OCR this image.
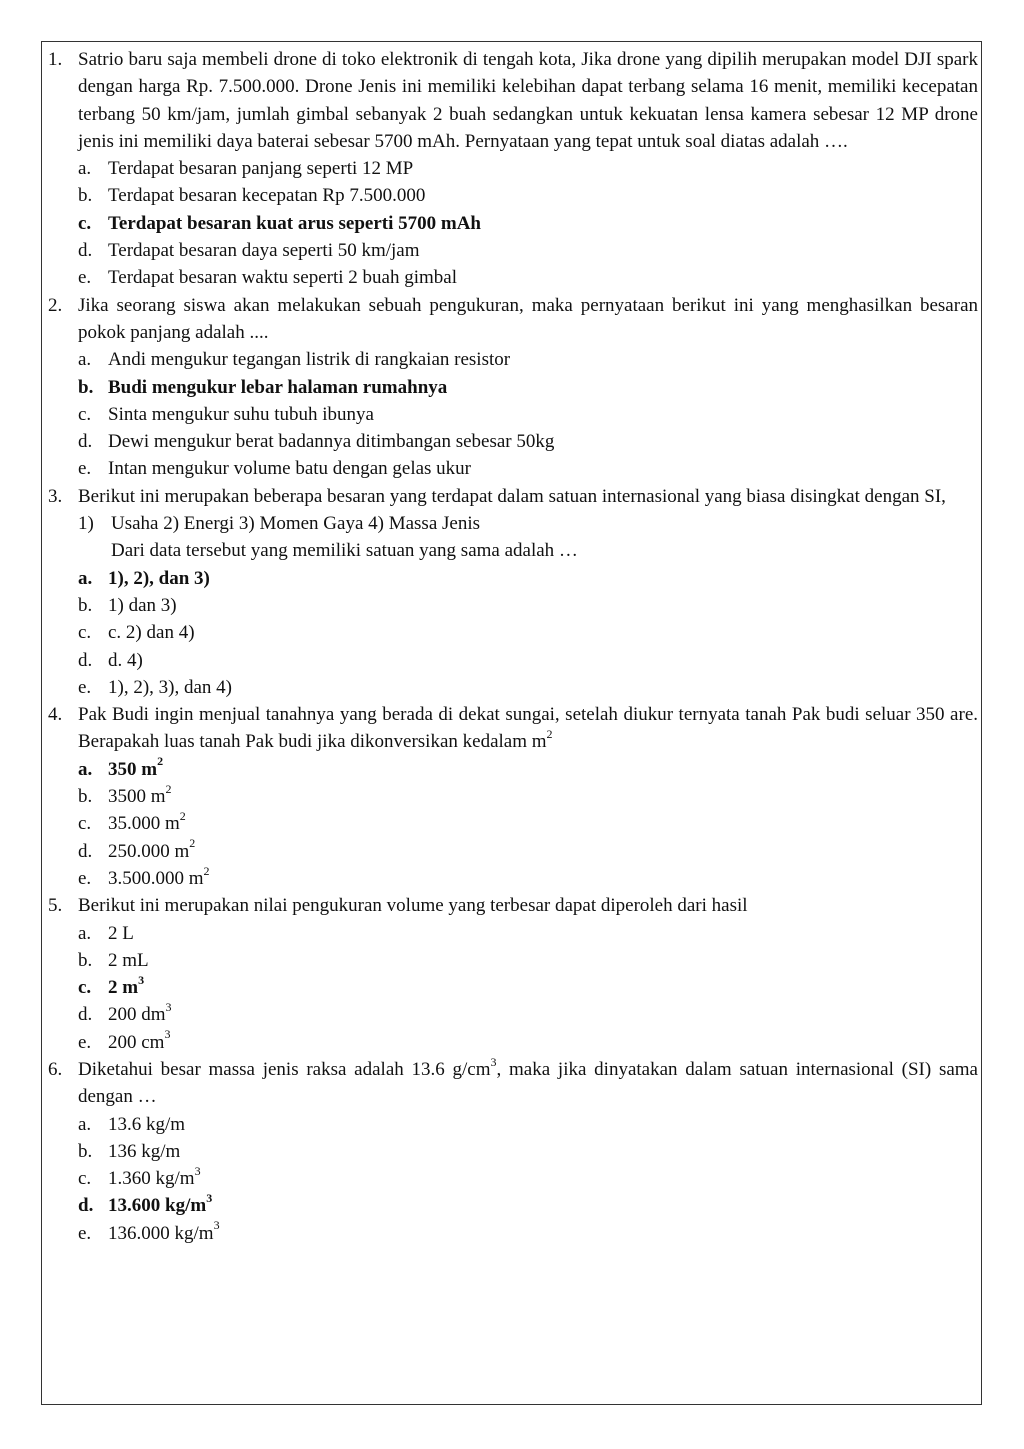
1. Satrio baru saja membeli drone di toko elektronik di tengah kota, Jika drone yang dipilih merupakan model DJI spark dengan harga Rp. 7.500.000. Drone Jenis ini memiliki kelebihan dapat terbang selama 16 menit, memiliki kecepatan terbang 50 km/jam, jumlah gimbal sebanyak 2 buah sedangkan untuk kekuatan lensa kamera sebesar 12 MP drone jenis ini memiliki daya baterai sebesar 5700 mAh. Pernyataan yang tepat untuk soal diatas adalah ….
a. Terdapat besaran panjang seperti 12 MP
b. Terdapat besaran kecepatan Rp 7.500.000
c. Terdapat besaran kuat arus seperti 5700 mAh
d. Terdapat besaran daya seperti 50 km/jam
e. Terdapat besaran waktu seperti 2 buah gimbal
2. Jika seorang siswa akan melakukan sebuah pengukuran, maka pernyataan berikut ini yang menghasilkan besaran pokok panjang adalah ....
a. Andi mengukur tegangan listrik di rangkaian resistor
b. Budi mengukur lebar halaman rumahnya
c. Sinta mengukur suhu tubuh ibunya
d. Dewi mengukur berat badannya ditimbangan sebesar 50kg
e. Intan mengukur volume batu dengan gelas ukur
3. Berikut ini merupakan beberapa besaran yang terdapat dalam satuan internasional yang biasa disingkat dengan SI,
1) Usaha 2) Energi 3) Momen Gaya 4) Massa Jenis
Dari data tersebut yang memiliki satuan yang sama adalah …
a. 1), 2), dan 3)
b. 1) dan 3)
c. c. 2) dan 4)
d. d. 4)
e. 1), 2), 3), dan 4)
4. Pak Budi ingin menjual tanahnya yang berada di dekat sungai, setelah diukur ternyata tanah Pak budi seluar 350 are. Berapakah luas tanah Pak budi jika dikonversikan kedalam $m^2$
a. 350 $m^2$
b. 3500 $m^2$
c. 35.000 $m^2$
d. 250.000 $m^2$
e. 3.500.000 $m^2$
5. Berikut ini merupakan nilai pengukuran volume yang terbesar dapat diperoleh dari hasil
a. 2 L
b. 2 mL
c. 2 $m^3$
d. 200 $dm^3$
e. 200 $cm^3$
6. Diketahui besar massa jenis raksa adalah 13.6 $g/cm^3$, maka jika dinyatakan dalam satuan internasional (SI) sama dengan …
a. 13.6 kg/m
b. 136 kg/m
c. 1.360 $kg/m^3$
d. 13.600 $kg/m^3$
e. 136.000 $kg/m^3$
